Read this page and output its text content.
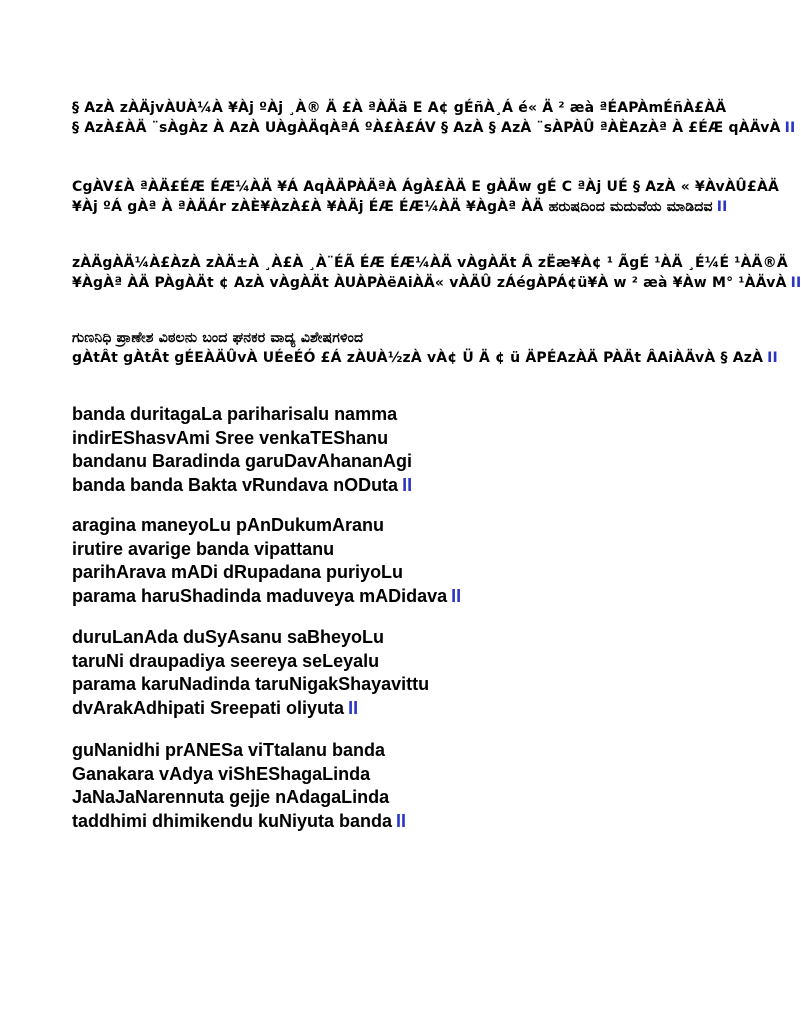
§ AzÀ zÀÄjvÀUÀ¼À ¥Àj ºÀj ¸À® Ä £À ªÀÄä E A¢ gÉñÀ¸Á é« Ä ² æà ªÉAPÀmÉñÀ£ÀÄ
§ AzÀ£ÀÄ ¨sÀgÀz À AzÀ UÀgÀÄqÀªÁ ºÀ£À£ÁV § AzÀ § AzÀ ¨sÀPÀÛ ªÀÈAzÀª À £ÉÆ qÀÄvÀ II
CgÀV£À ªÀÄ£ÉÆ ÉÆ¼ÀÄ ¥Á AqÀÄPÀÄªÀ ÁgÀ£ÀÄ E gÀÄw gÉ C ªÀj UÉ § AzÀ « ¥ÀvÀÛ£ÀÄ
¥Àj ºÁ gÀª À ªÀÄÁr zÀÈ¥ÀzÀ£À ¥ÀÄj ÉÆ ÉÆ¼ÀÄ ¥ÀgÀª ÀÄ ಹರುಷದಿಂದ ಮದುವೆಯ ಮಾಡಿದವ II
zÀÄgÀÄ¼À£ÀzÀ zÀÄ±À ¸À£À ¸À¨ÉÃ ÉÆ ÉÆ¼ÀÄ vÀgÀÄt Â zËæ¥À¢ ¹ ÃgÉ ¹ÀÄ ¸É¼É ¹ÀÄ®Ä
¥ÀgÀª ÀÄ PÀgÀÄt ¢ AzÀ vÀgÀÄt ÀUÀPÀëAiÀÄ« vÀÄÛ zÁégÀPÁ¢ü¥À w ² æà ¥Àw M° ¹ÀÄvÀ II
ಗುಣನಿಧಿ ಪ್ರಾಣೇಶ ವಿಠಲನು ಬಂದ ಘನಕರ ವಾದ್ಯ ವಿಶೇಷಗಳಿಂದ
gÀtÂt gÀtÂt gÉEÀÄÛvÀ UÉeÉÓ £Á zÀUÀ½zÀ vÀ¢ Ü Ä ¢ ü ÄPÉAzÀÄ PÀÄt ÂAiÀÄvÀ § AzÀ II
banda duritagaLa pariharisalu namma
indirEShasvAmi Sree venkaTEShanu
bandanu Baradinda garuDavAhananAgi
banda banda Bakta vRundava nODuta II
aragina maneyoLu pAnDukumAranu
irutire avarige banda vipattanu
parihArava mADi dRupadana puriyoLu
parama haruShadinda maduveya mADidava II
duruLanAda duSyAsanu saBheyoLu
taruNi draupadiya seereya seLeyalu
parama karuNadinda taruNigakShayavittu
dvArakAdhipati Sreepati oliyuta II
guNanidhi prANESa viTtalanu banda
Ganakara vAdya viShEShagaLinda
JaNaJaNarennuta gejje nAdagaLinda
taddhimi dhimikendu kuNiyuta banda II
